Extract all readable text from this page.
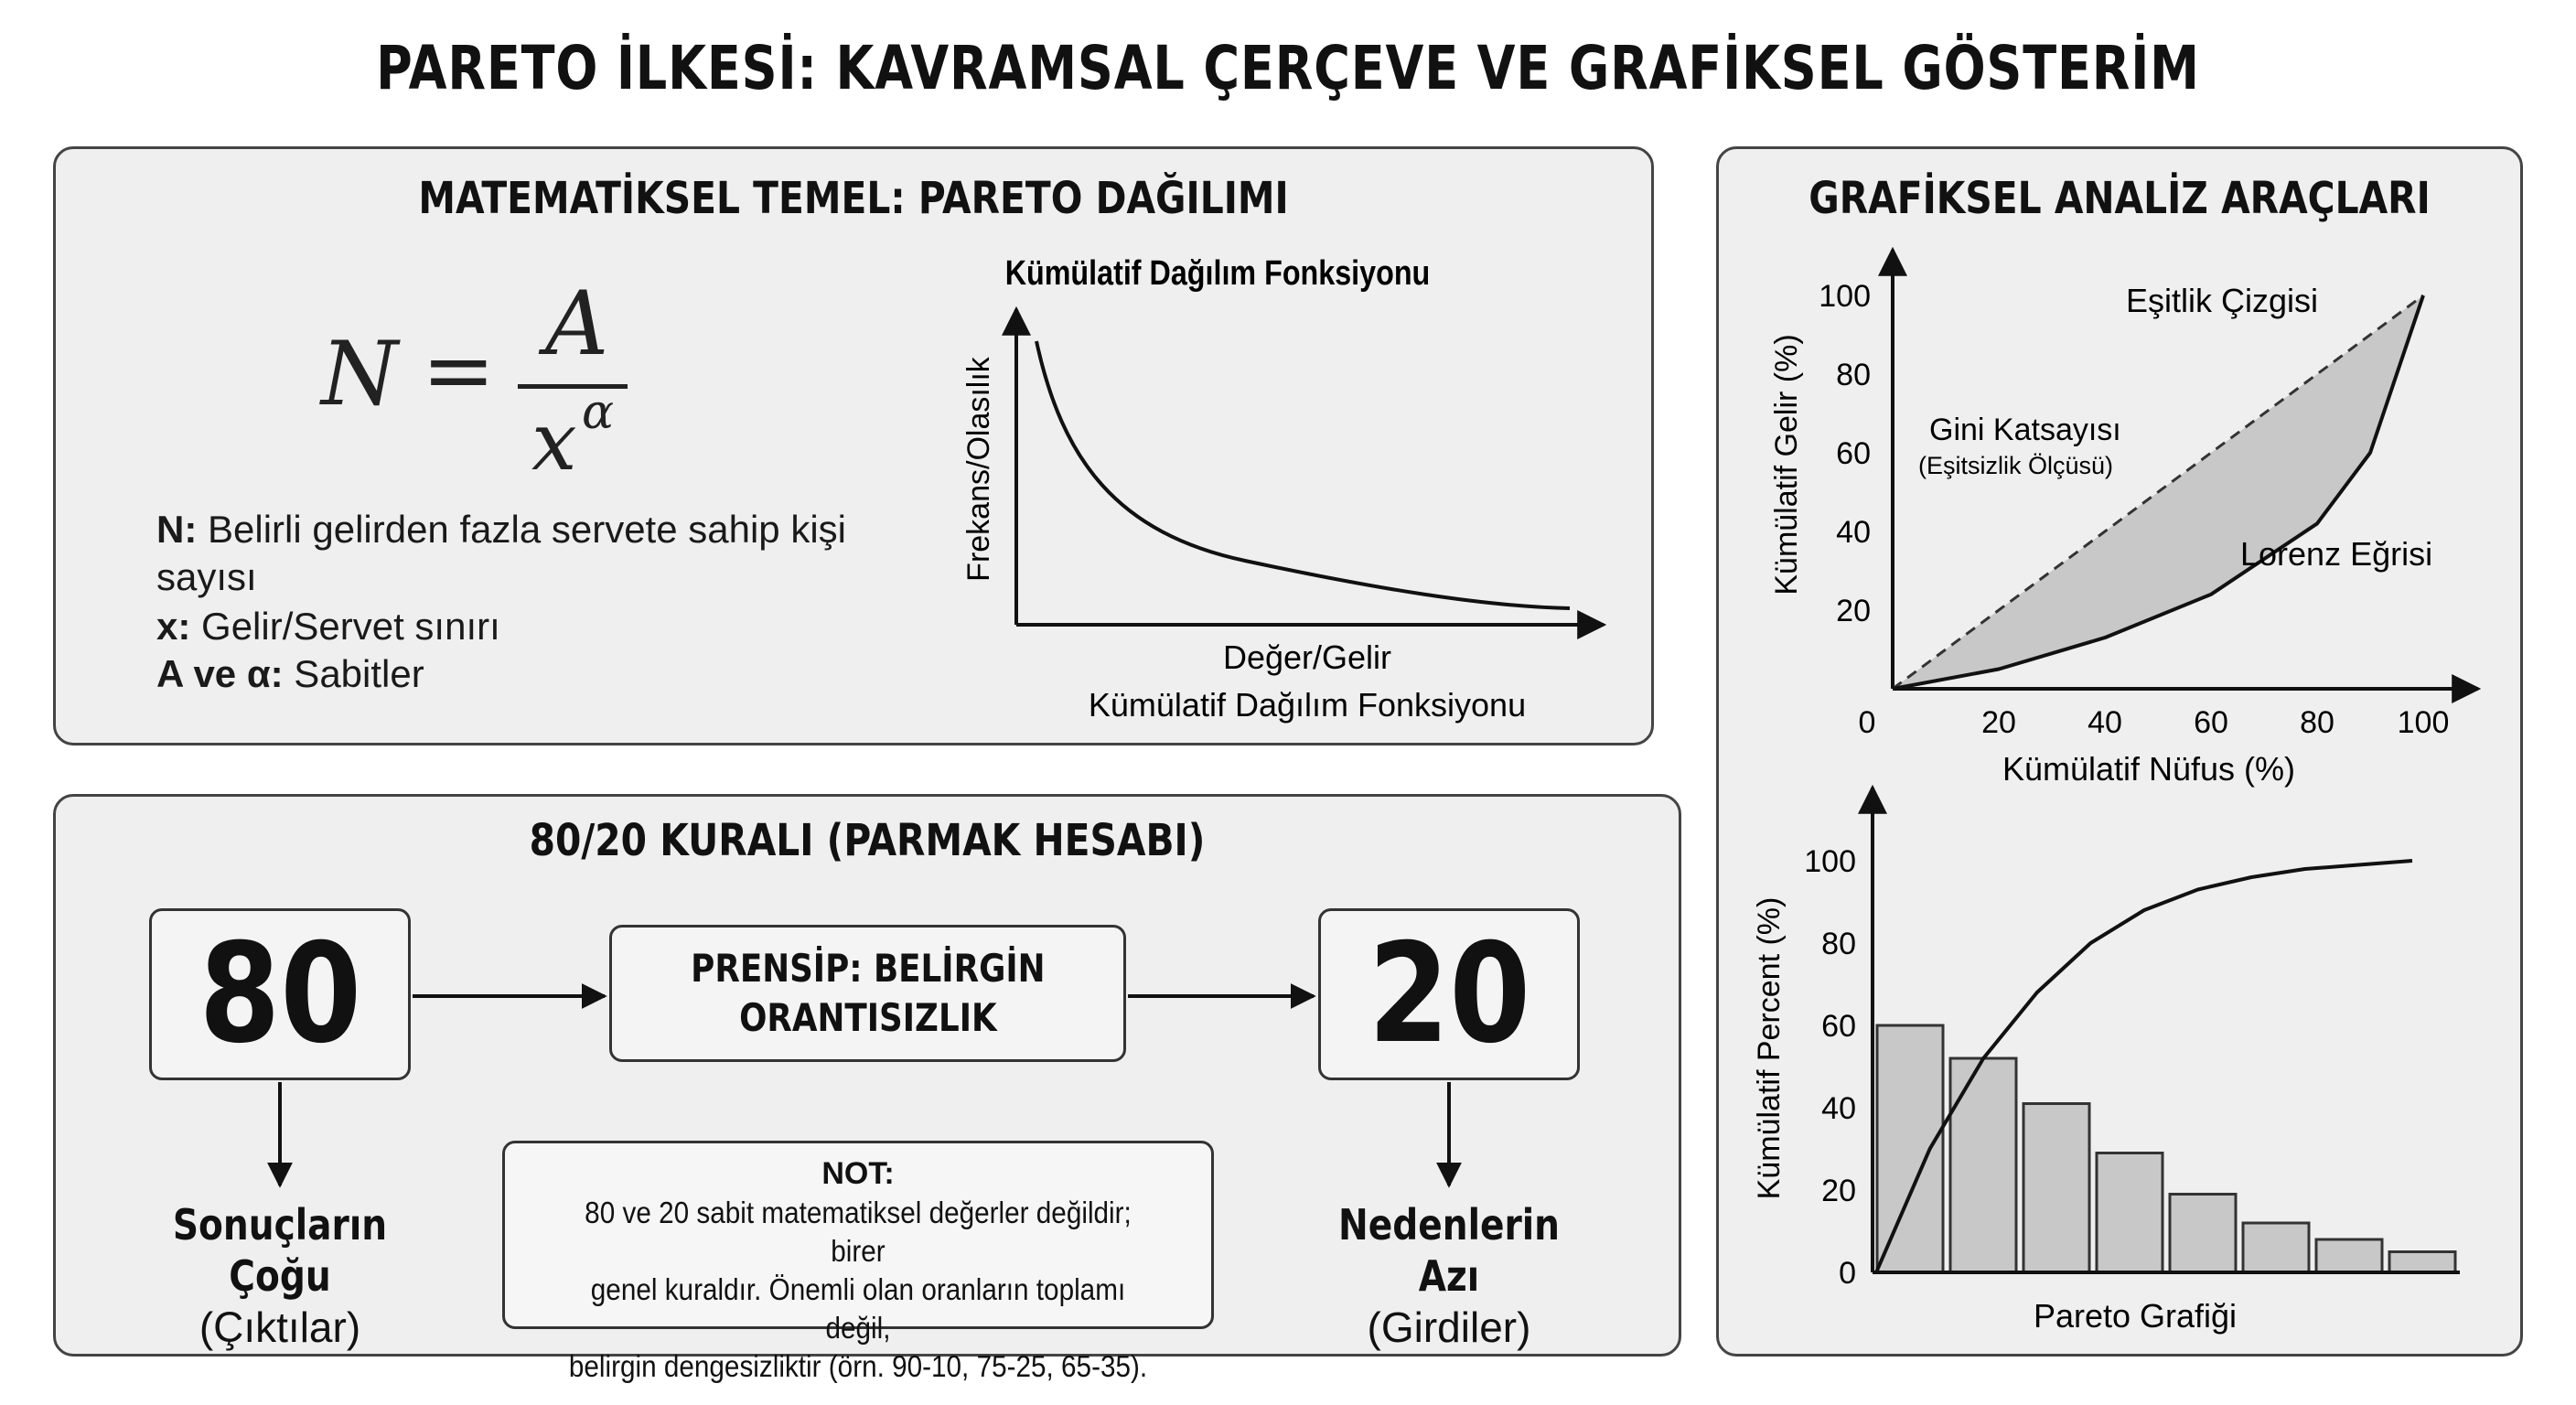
PARETO İLKESİ: KAVRAMSAL ÇERÇEVE VE GRAFİKSEL GÖSTERİM
MATEMATİKSEL TEMEL: PARETO DAĞILIMI
N = A
x α
N: Belirli gelirden fazla servete sahip kişi sayısı
x: Gelir/Servet sınırı
A ve α: Sabitler
Kümülatif Dağılım Fonksiyonu
Frekans/Olasılık
Değer/Gelir
Kümülatif Dağılım Fonksiyonu
80/20 KURALI (PARMAK HESABI)
80	PRENSİP: BELİRGİN
ORANTISIZLIK	20
Sonuçların Çoğu
(Çıktılar)
Nedenlerin Azı
(Girdiler)
NOT:
80 ve 20 sabit matematiksel değerler değildir; birer
genel kuraldır. Önemli olan oranların toplamı değil,
belirgin dengesizliktir (örn. 90-10, 75-25, 65-35).
GRAFİKSEL ANALİZ ARAÇLARI
0	20 40 60 80 100
20
40
60
80
100
Kümülatif Gelir (%)
Kümülatif Nüfus (%)
Eşitlik Çizgisi
Lorenz Eğrisi
Gini Katsayısı
(Eşitsizlik Ölçüsü)
0
20
40
60
80
100
Kümülatif Percent (%)
Pareto Grafiği
